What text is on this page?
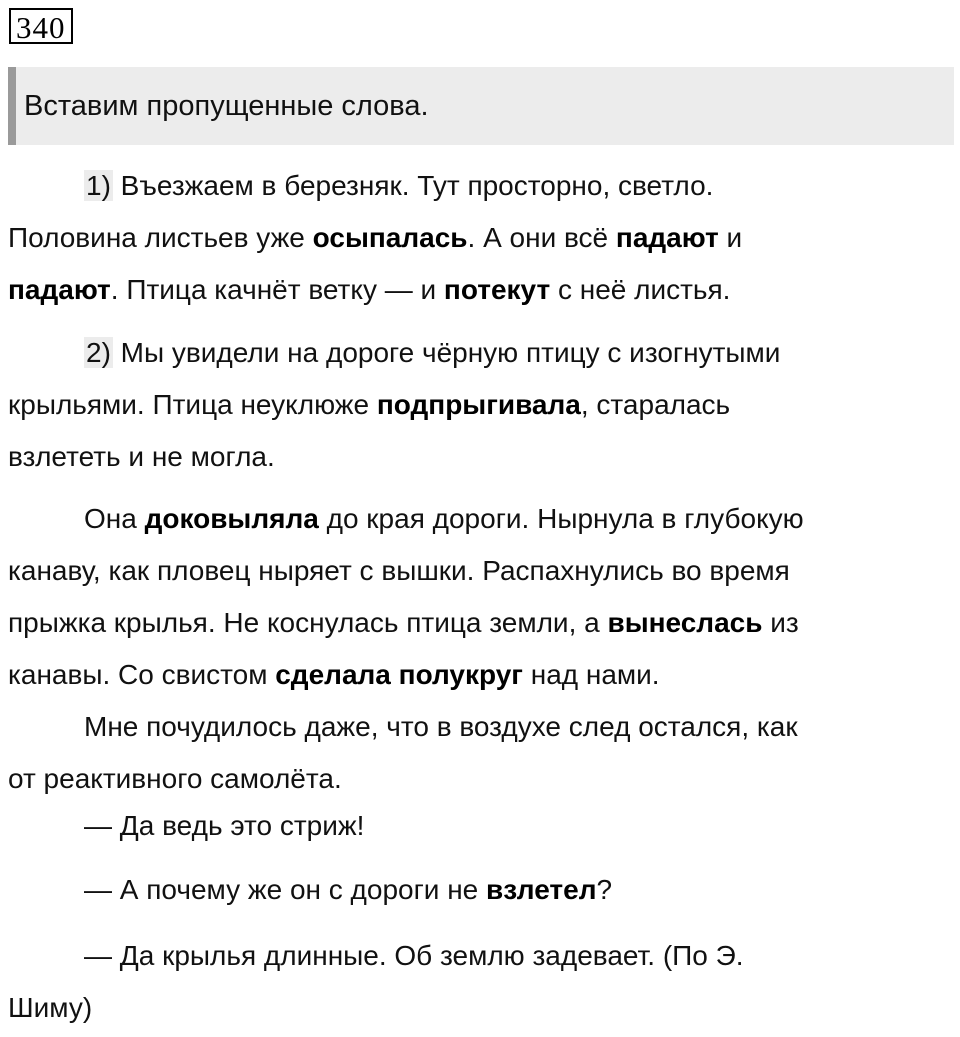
340
Вставим пропущенные слова.
1) Въезжаем в березняк. Тут просторно, светло.
Половина листьев уже осыпалась. А они всё падают и
падают. Птица качнёт ветку — и потекут с неё листья.
2) Мы увидели на дороге чёрную птицу с изогнутыми
крыльями. Птица неуклюже подпрыгивала, старалась
взлететь и не могла.
Она доковыляла до края дороги. Нырнула в глубокую
канаву, как пловец ныряет с вышки. Распахнулись во время
прыжка крылья. Не коснулась птица земли, а вынеслась из
канавы. Со свистом сделала полукруг над нами.
Мне почудилось даже, что в воздухе след остался, как
от реактивного самолёта.
— Да ведь это стриж!
— А почему же он с дороги не взлетел?
— Да крылья длинные. Об землю задевает. (По Э.
Шиму)
